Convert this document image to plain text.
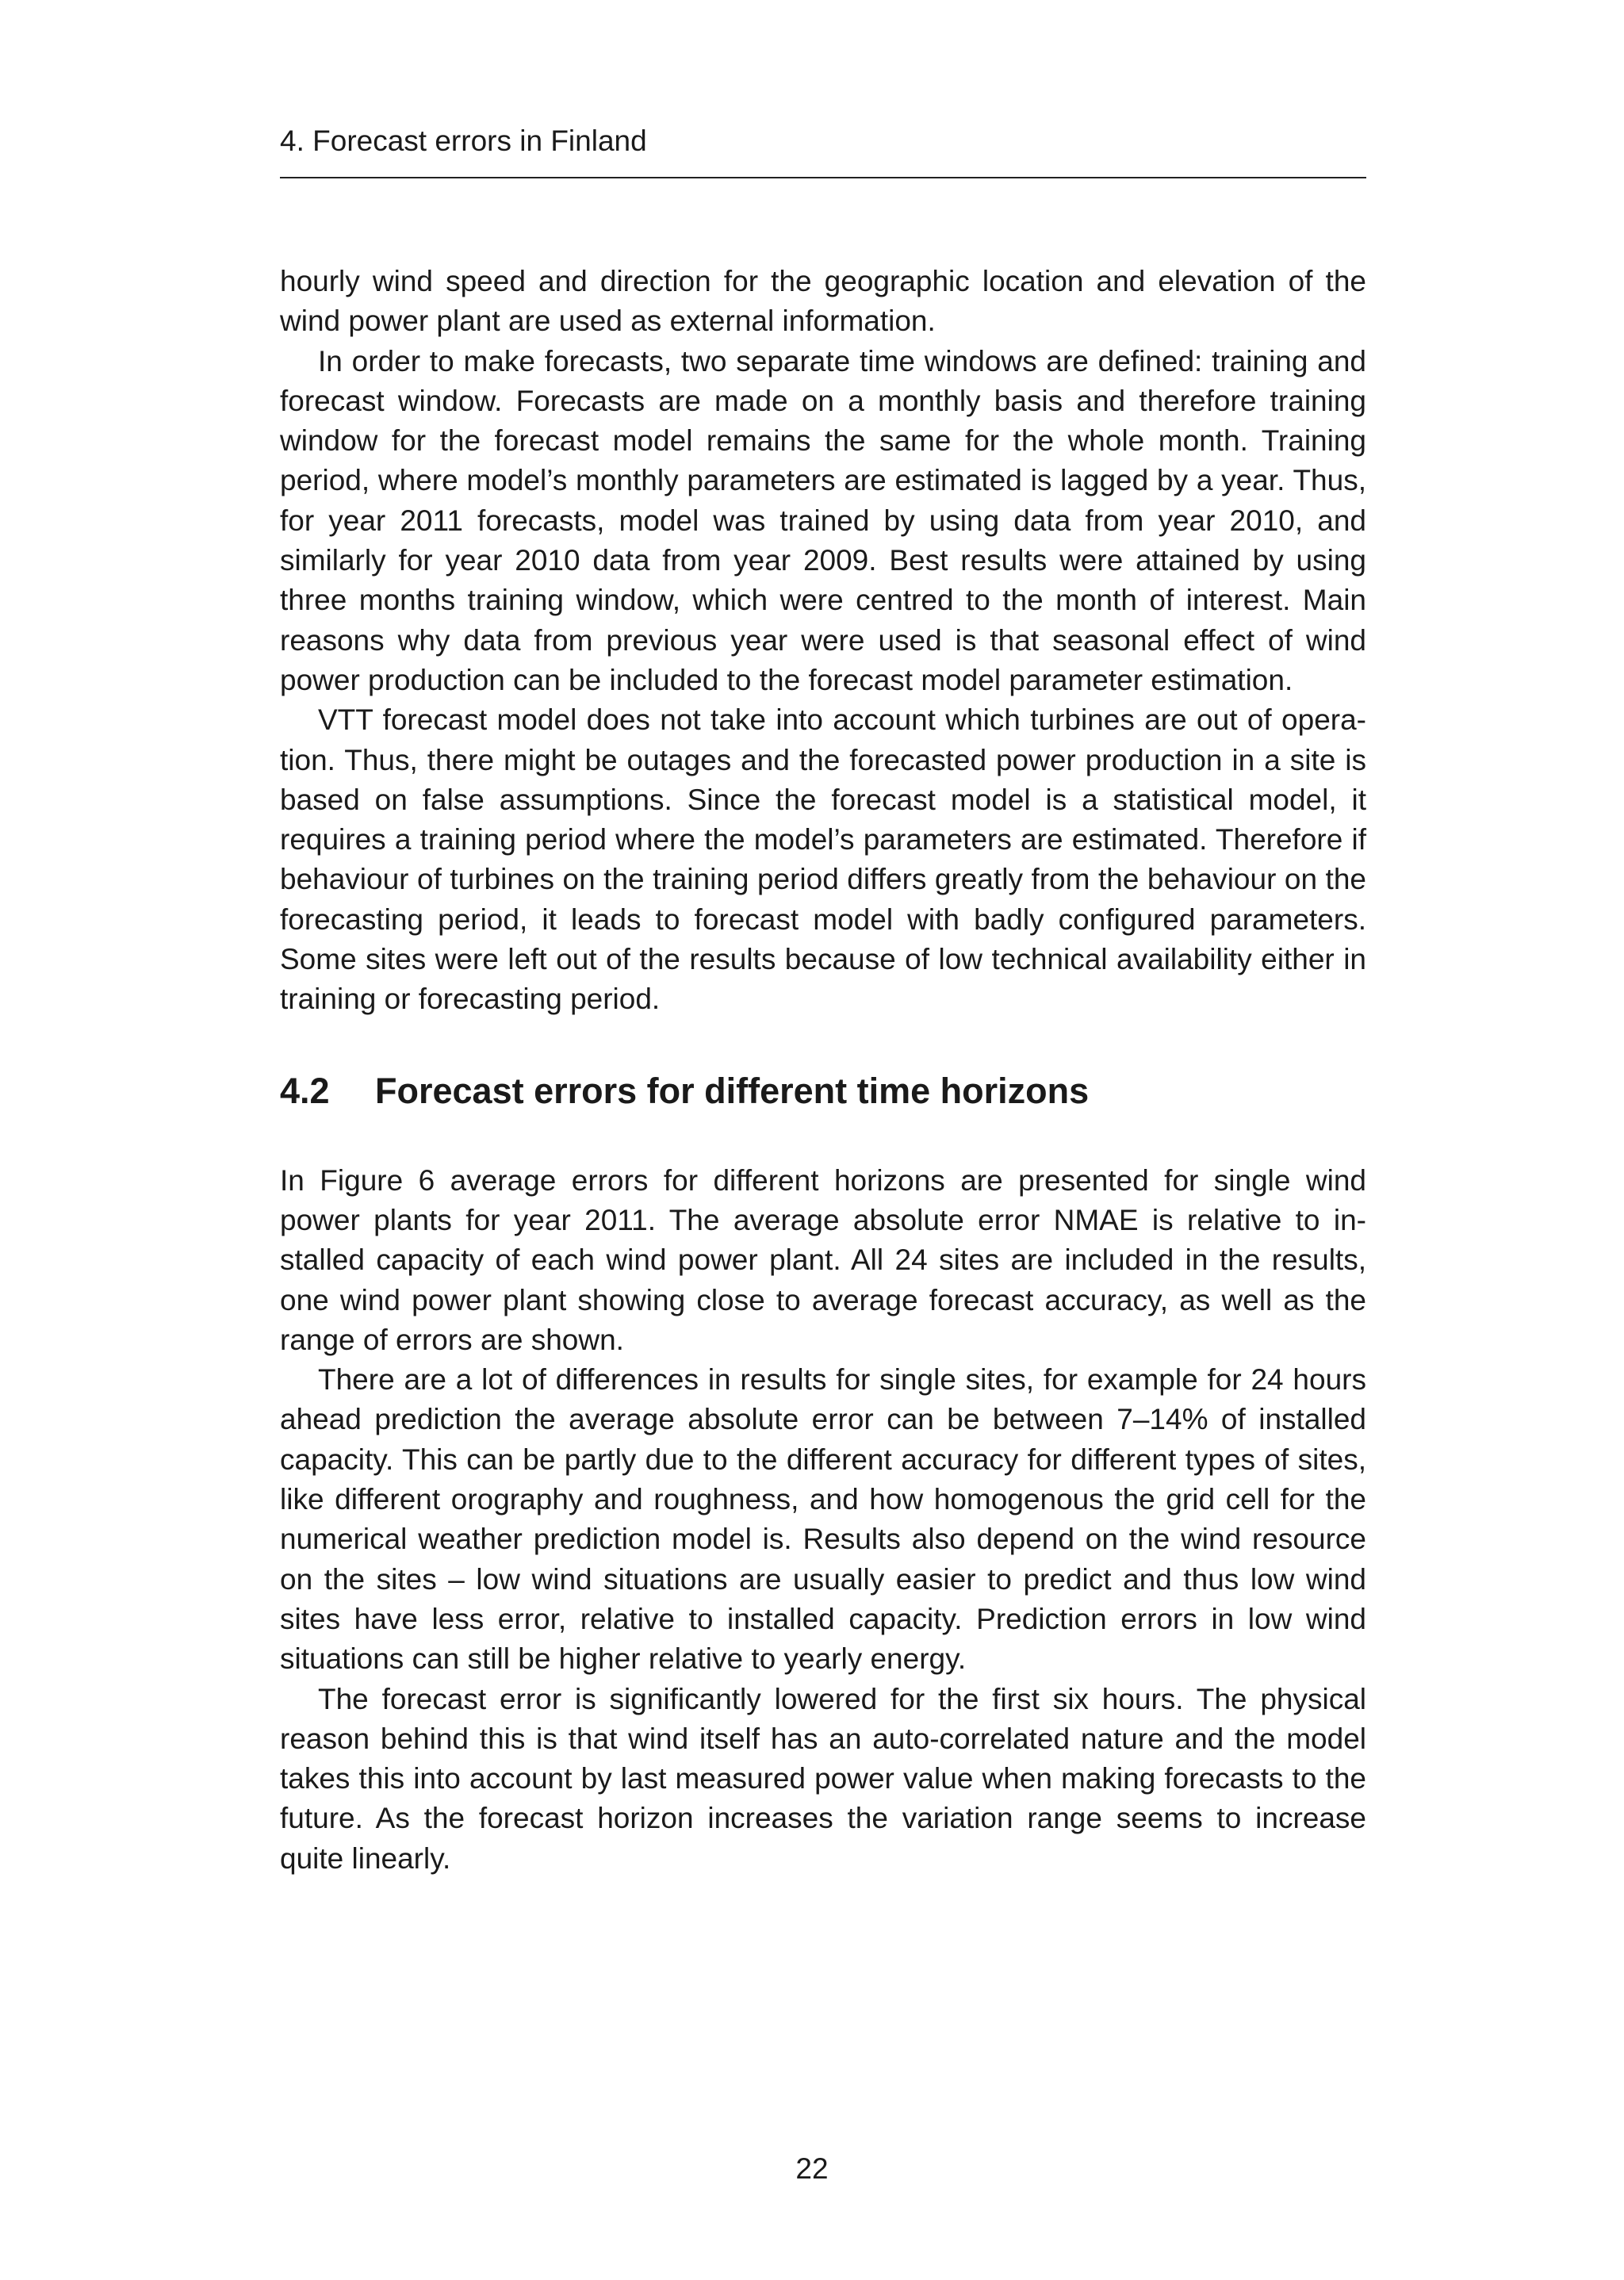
4. Forecast errors in Finland

hourly wind speed and direction for the geographic location and elevation of the wind power plant are used as external information.

In order to make forecasts, two separate time windows are defined: training and forecast window. Forecasts are made on a monthly basis and therefore training window for the forecast model remains the same for the whole month. Training period, where model’s monthly parameters are estimated is lagged by a year. Thus, for year 2011 forecasts, model was trained by using data from year 2010, and similarly for year 2010 data from year 2009. Best results were attained by using three months training window, which were centred to the month of interest. Main reasons why data from previous year were used is that seasonal effect of wind power production can be included to the forecast model parameter estimation.

VTT forecast model does not take into account which turbines are out of operation. Thus, there might be outages and the forecasted power production in a site is based on false assumptions. Since the forecast model is a statistical model, it requires a training period where the model’s parameters are estimated. Therefore if behaviour of turbines on the training period differs greatly from the behaviour on the forecasting period, it leads to forecast model with badly configured parameters. Some sites were left out of the results because of low technical availability either in training or forecasting period.

4.2	Forecast errors for different time horizons

In Figure 6 average errors for different horizons are presented for single wind power plants for year 2011. The average absolute error NMAE is relative to installed capacity of each wind power plant. All 24 sites are included in the results, one wind power plant showing close to average forecast accuracy, as well as the range of errors are shown.

There are a lot of differences in results for single sites, for example for 24 hours ahead prediction the average absolute error can be between 7–14% of installed capacity. This can be partly due to the different accuracy for different types of sites, like different orography and roughness, and how homogenous the grid cell for the numerical weather prediction model is. Results also depend on the wind resource on the sites – low wind situations are usually easier to predict and thus low wind sites have less error, relative to installed capacity. Prediction errors in low wind situations can still be higher relative to yearly energy.

The forecast error is significantly lowered for the first six hours. The physical reason behind this is that wind itself has an auto-correlated nature and the model takes this into account by last measured power value when making forecasts to the future. As the forecast horizon increases the variation range seems to increase quite linearly.

22
